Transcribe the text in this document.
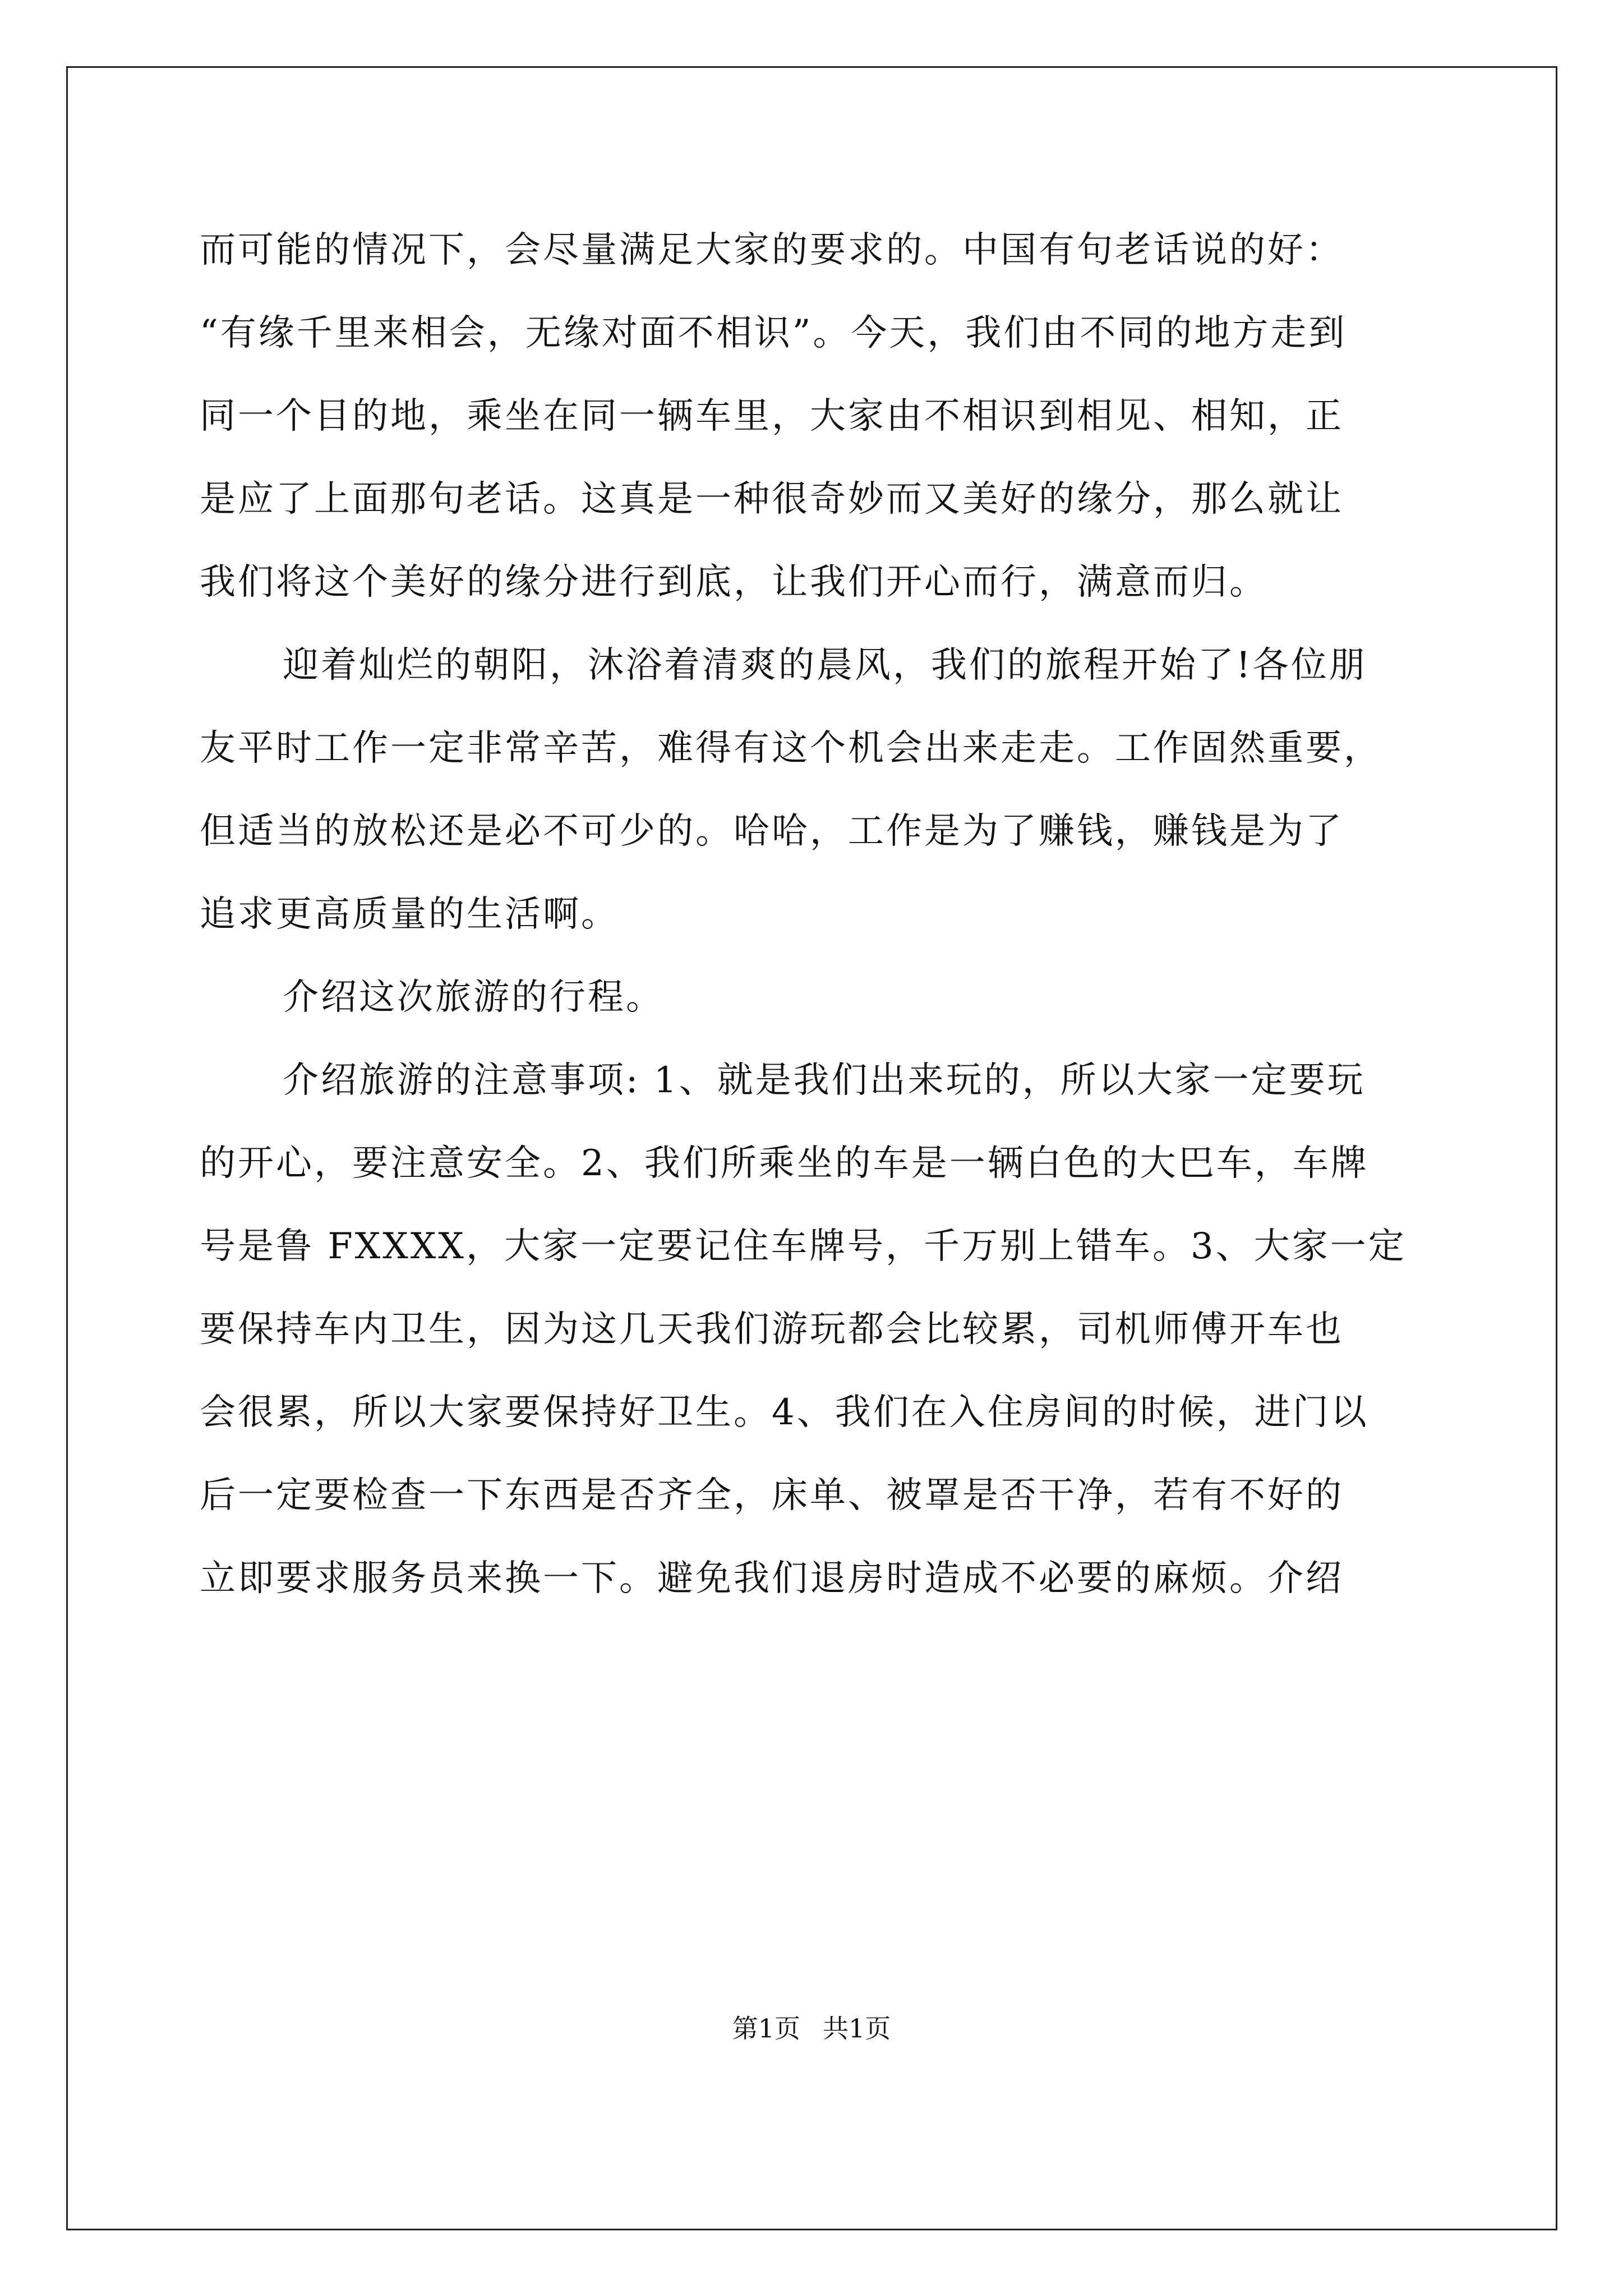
而可能的情况下，会尽量满足大家的要求的。中国有句老话说的好：
“有缘千里来相会，无缘对面不相识”。今天，我们由不同的地方走到
同一个目的地，乘坐在同一辆车里，大家由不相识到相见、相知，正
是应了上面那句老话。这真是一种很奇妙而又美好的缘分，那么就让
我们将这个美好的缘分进行到底，让我们开心而行，满意而归。
迎着灿烂的朝阳，沐浴着清爽的晨风，我们的旅程开始了!各位朋
友平时工作一定非常辛苦，难得有这个机会出来走走。工作固然重要，
但适当的放松还是必不可少的。哈哈，工作是为了赚钱，赚钱是为了
追求更高质量的生活啊。
介绍这次旅游的行程。
介绍旅游的注意事项: 1、就是我们出来玩的，所以大家一定要玩
的开心，要注意安全。2、我们所乘坐的车是一辆白色的大巴车，车牌
号是鲁 FXXXX，大家一定要记住车牌号，千万别上错车。3、大家一定
要保持车内卫生，因为这几天我们游玩都会比较累，司机师傅开车也
会很累，所以大家要保持好卫生。4、我们在入住房间的时候，进门以
后一定要检查一下东西是否齐全，床单、被罩是否干净，若有不好的
立即要求服务员来换一下。避免我们退房时造成不必要的麻烦。介绍
第1页 共1页
